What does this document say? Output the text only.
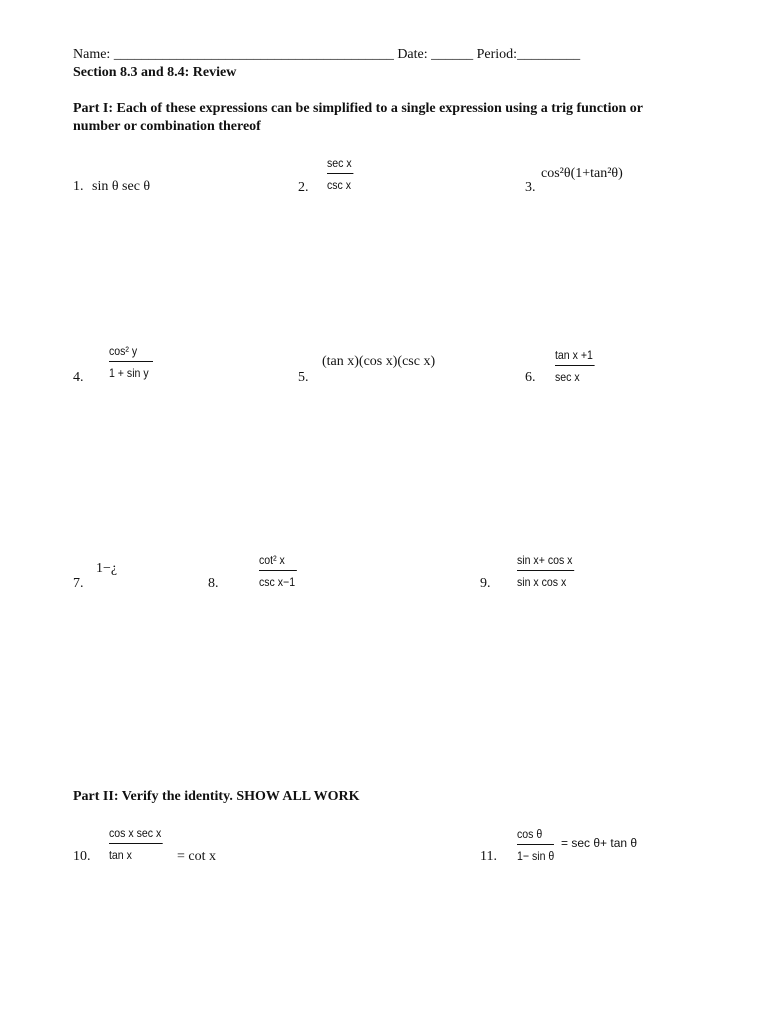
Name: ________________________________________ Date: ______ Period:_________
Section 8.3 and 8.4: Review
Part I: Each of these expressions can be simplified to a single expression using a trig function or
number or combination thereof
1. sin θ sec θ	2.
sec x
csc x	3.
cos²θ(1+tan²θ)
4. $\frac{\text{cos² y}}{\text{1 + sin y}}$	5.
(tan x)(cos x)(csc x)
6.
tan x +1
sec x
7.
1−¿
8.
cot² x
csc x−1	9. $\frac{\text{sin x+ cos x}}{\text{sin x cos x}}$
Part II: Verify the identity. SHOW ALL WORK
10.
cos x sec x
tan x	= cot x	11. $\frac{\text{cos θ}}{\text{1− sin θ}} = \sec \theta+ \tan \theta$
